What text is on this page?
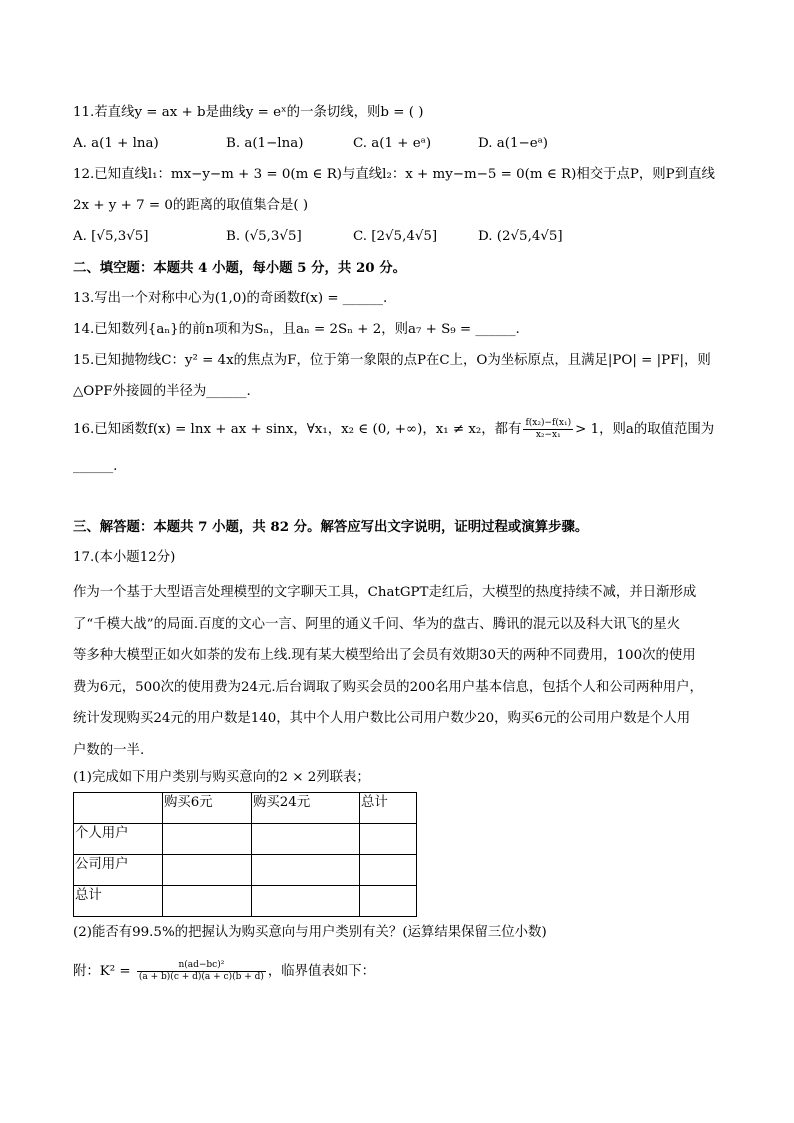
11.若直线y = ax + b是曲线y = eˣ的一条切线，则b = ( )
A. a(1 + lna)	B. a(1−lna)	C. a(1 + eᵃ)	D. a(1−eᵃ)
12.已知直线l₁：mx−y−m + 3 = 0(m ∈ R)与直线l₂：x + my−m−5 = 0(m ∈ R)相交于点P，则P到直线
2x + y + 7 = 0的距离的取值集合是( )
A. [√5,3√5]	B. (√5,3√5]	C. [2√5,4√5]	D. (2√5,4√5]
二、填空题：本题共 4 小题，每小题 5 分，共 20 分。
13.写出一个对称中心为(1,0)的奇函数f(x) = ______.
14.已知数列{aₙ}的前n项和为Sₙ，且aₙ = 2Sₙ + 2，则a₇ + S₉ = ______.
15.已知抛物线C：y² = 4x的焦点为F，位于第一象限的点P在C上，O为坐标原点，且满足|PO| = |PF|，则
△OPF外接圆的半径为______.
16.已知函数f(x) = lnx + ax + sinx，∀x₁，x₂ ∈ (0, +∞)，x₁ ≠ x₂，都有 $\frac{\text{f(x₂)−f(x₁)}}{\text{x₂−x₁}} > 1$，则a的取值范围为
______.
三、解答题：本题共 7 小题，共 82 分。解答应写出文字说明，证明过程或演算步骤。
17.(本小题12分)
作为一个基于大型语言处理模型的文字聊天工具，ChatGPT走红后，大模型的热度持续不减，并日渐形成
了“千模大战”的局面.百度的文心一言、阿里的通义千问、华为的盘古、腾讯的混元以及科大讯飞的星火
等多种大模型正如火如荼的发布上线.现有某大模型给出了会员有效期30天的两种不同费用，100次的使用
费为6元，500次的使用费为24元.后台调取了购买会员的200名用户基本信息，包括个人和公司两种用户，
统计发现购买24元的用户数是140，其中个人用户数比公司用户数少20，购买6元的公司用户数是个人用
户数的一半.
(1)完成如下用户类别与购买意向的2 × 2列联表；
	购买6元	购买24元	总计
个人用户			
公司用户			
总计			
(2)能否有99.5%的把握认为购买意向与用户类别有关？(运算结果保留三位小数)
附：$K^2 = \frac{\text{n(ad−bc)²}}{(a + b)(c + d)(a + c)(b + d)}$ ，临界值表如下：
